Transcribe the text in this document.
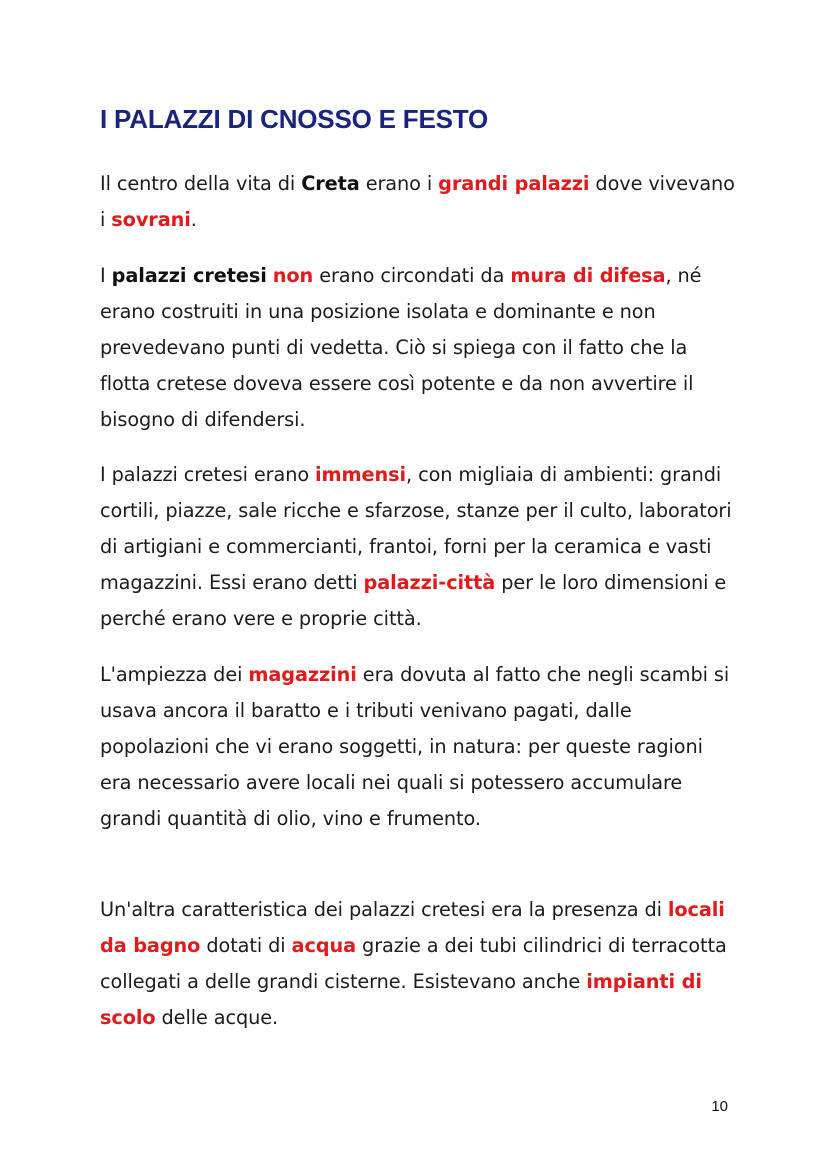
I PALAZZI DI CNOSSO E FESTO

Il centro della vita di Creta erano i grandi palazzi dove vivevano i sovrani.

I palazzi cretesi non erano circondati da mura di difesa, né erano costruiti in una posizione isolata e dominante e non prevedevano punti di vedetta. Ciò si spiega con il fatto che la flotta cretese doveva essere così potente e da non avvertire il bisogno di difendersi.

I palazzi cretesi erano immensi, con migliaia di ambienti: grandi cortili, piazze, sale ricche e sfarzose, stanze per il culto, laboratori di artigiani e commercianti, frantoi, forni per la ceramica e vasti magazzini. Essi erano detti palazzi-città per le loro dimensioni e perché erano vere e proprie città.

L'ampiezza dei magazzini era dovuta al fatto che negli scambi si usava ancora il baratto e i tributi venivano pagati, dalle popolazioni che vi erano soggetti, in natura: per queste ragioni era necessario avere locali nei quali si potessero accumulare grandi quantità di olio, vino e frumento.

Un'altra caratteristica dei palazzi cretesi era la presenza di locali da bagno dotati di acqua grazie a dei tubi cilindrici di terracotta collegati a delle grandi cisterne. Esistevano anche impianti di scolo delle acque.

10
